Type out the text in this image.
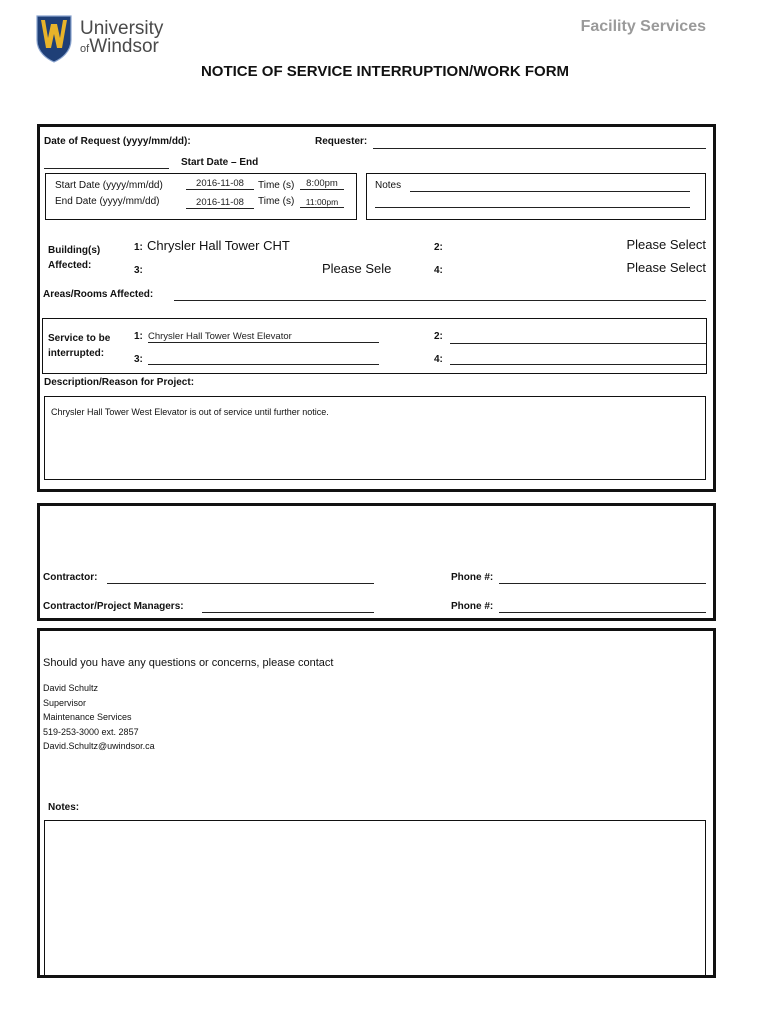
University
ofWindsor
Facility Services
NOTICE OF SERVICE INTERRUPTION/WORK FORM
Date of Request (yyyy/mm/dd):	Requester:
Start Date – End
Start Date (yyyy/mm/dd)	2016-11-08	Time (s)	8:00pm
End Date (yyyy/mm/dd)	2016-11-08	Time (s)	11:00pm
Notes
Building(s)
Affected:
1: Chrysler Hall Tower CHT	2:	Please Select
3:	Please Sele	4:	Please Select
Areas/Rooms Affected:
Service to be
interrupted:
1: Chrysler Hall Tower West Elevator	2:
3:	4:
Description/Reason for Project:
Chrysler Hall Tower West Elevator is out of service until further notice.
Contractor:	Phone #:
Contractor/Project Managers:	Phone #:
Should you have any questions or concerns, please contact
David Schultz
Supervisor
Maintenance Services
519-253-3000 ext. 2857
David.Schultz@uwindsor.ca
Notes:
